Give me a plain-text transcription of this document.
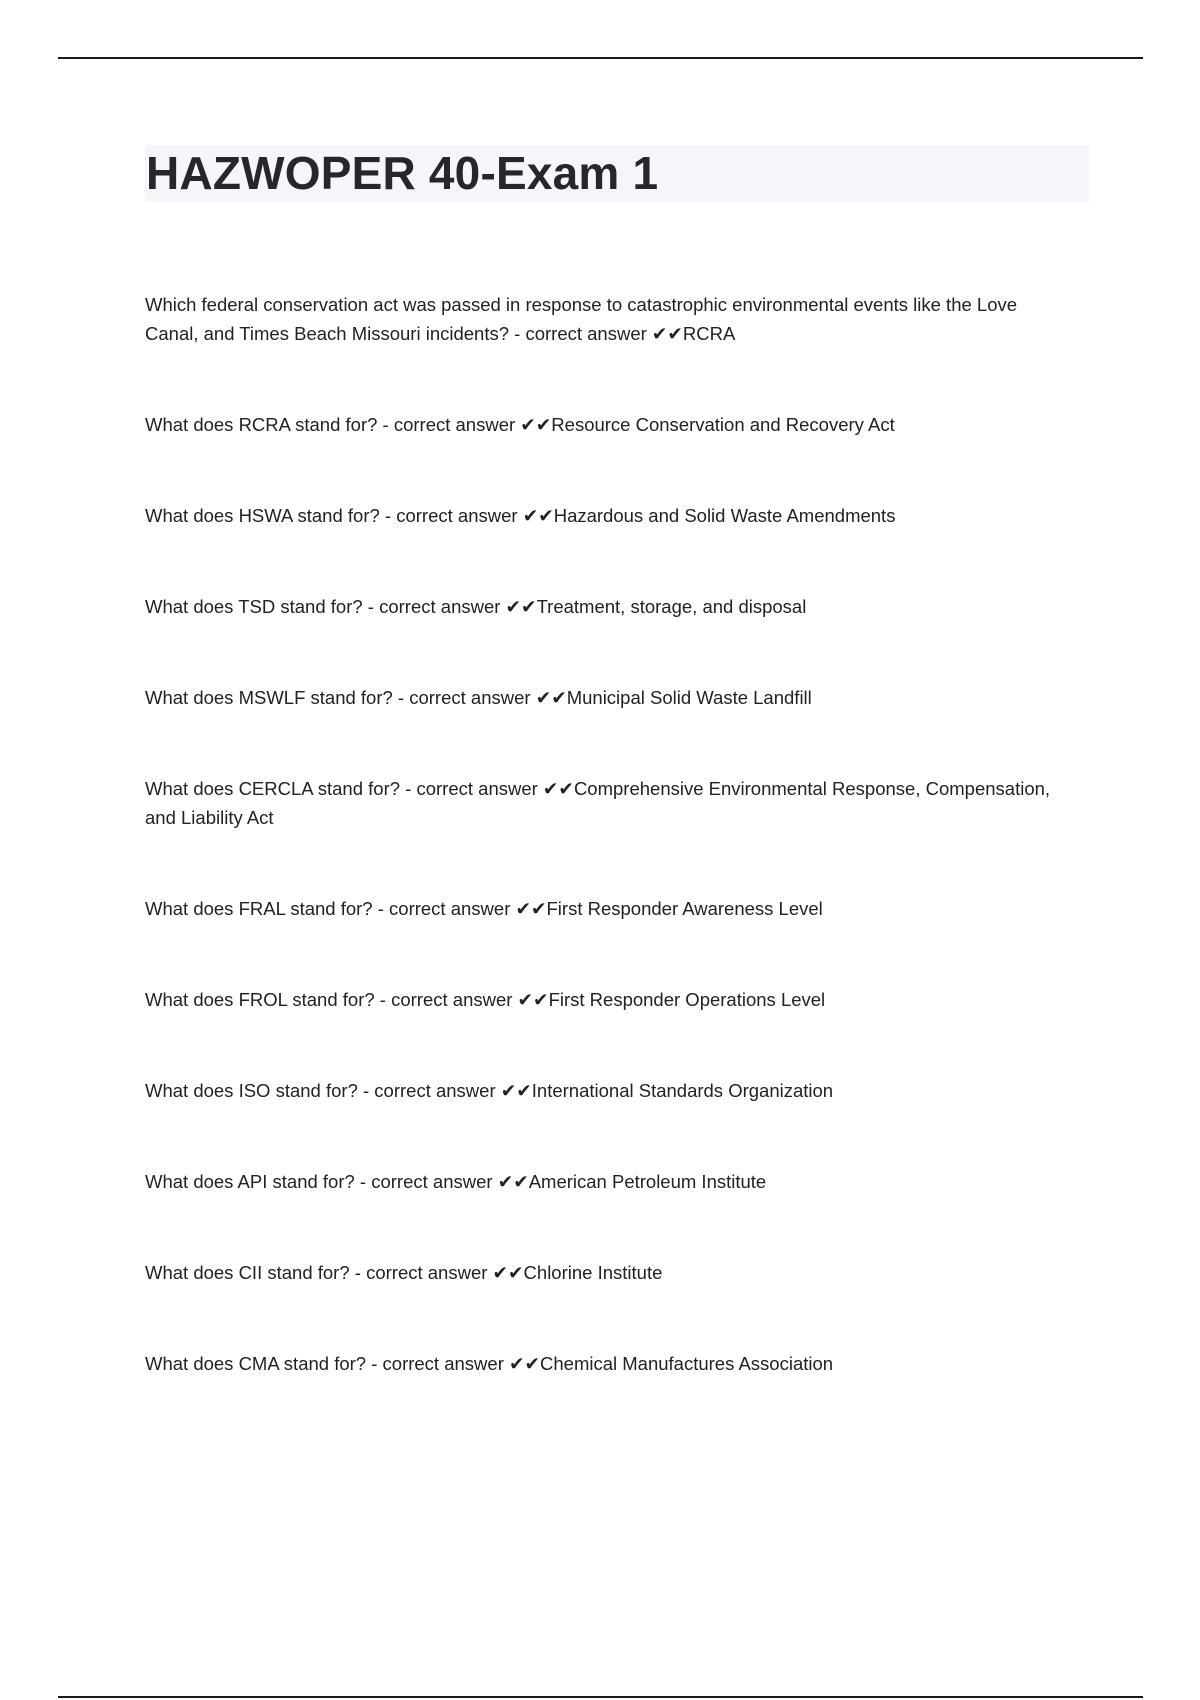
HAZWOPER 40-Exam 1
Which federal conservation act was passed in response to catastrophic environmental events like the Love Canal, and Times Beach Missouri incidents? - correct answer ✔✔RCRA
What does RCRA stand for? - correct answer ✔✔Resource Conservation and Recovery Act
What does HSWA stand for? - correct answer ✔✔Hazardous and Solid Waste Amendments
What does TSD stand for? - correct answer ✔✔Treatment, storage, and disposal
What does MSWLF stand for? - correct answer ✔✔Municipal Solid Waste Landfill
What does CERCLA stand for? - correct answer ✔✔Comprehensive Environmental Response, Compensation, and Liability Act
What does FRAL stand for? - correct answer ✔✔First Responder Awareness Level
What does FROL stand for? - correct answer ✔✔First Responder Operations Level
What does ISO stand for? - correct answer ✔✔International Standards Organization
What does API stand for? - correct answer ✔✔American Petroleum Institute
What does CII stand for? - correct answer ✔✔Chlorine Institute
What does CMA stand for? - correct answer ✔✔Chemical Manufactures Association
